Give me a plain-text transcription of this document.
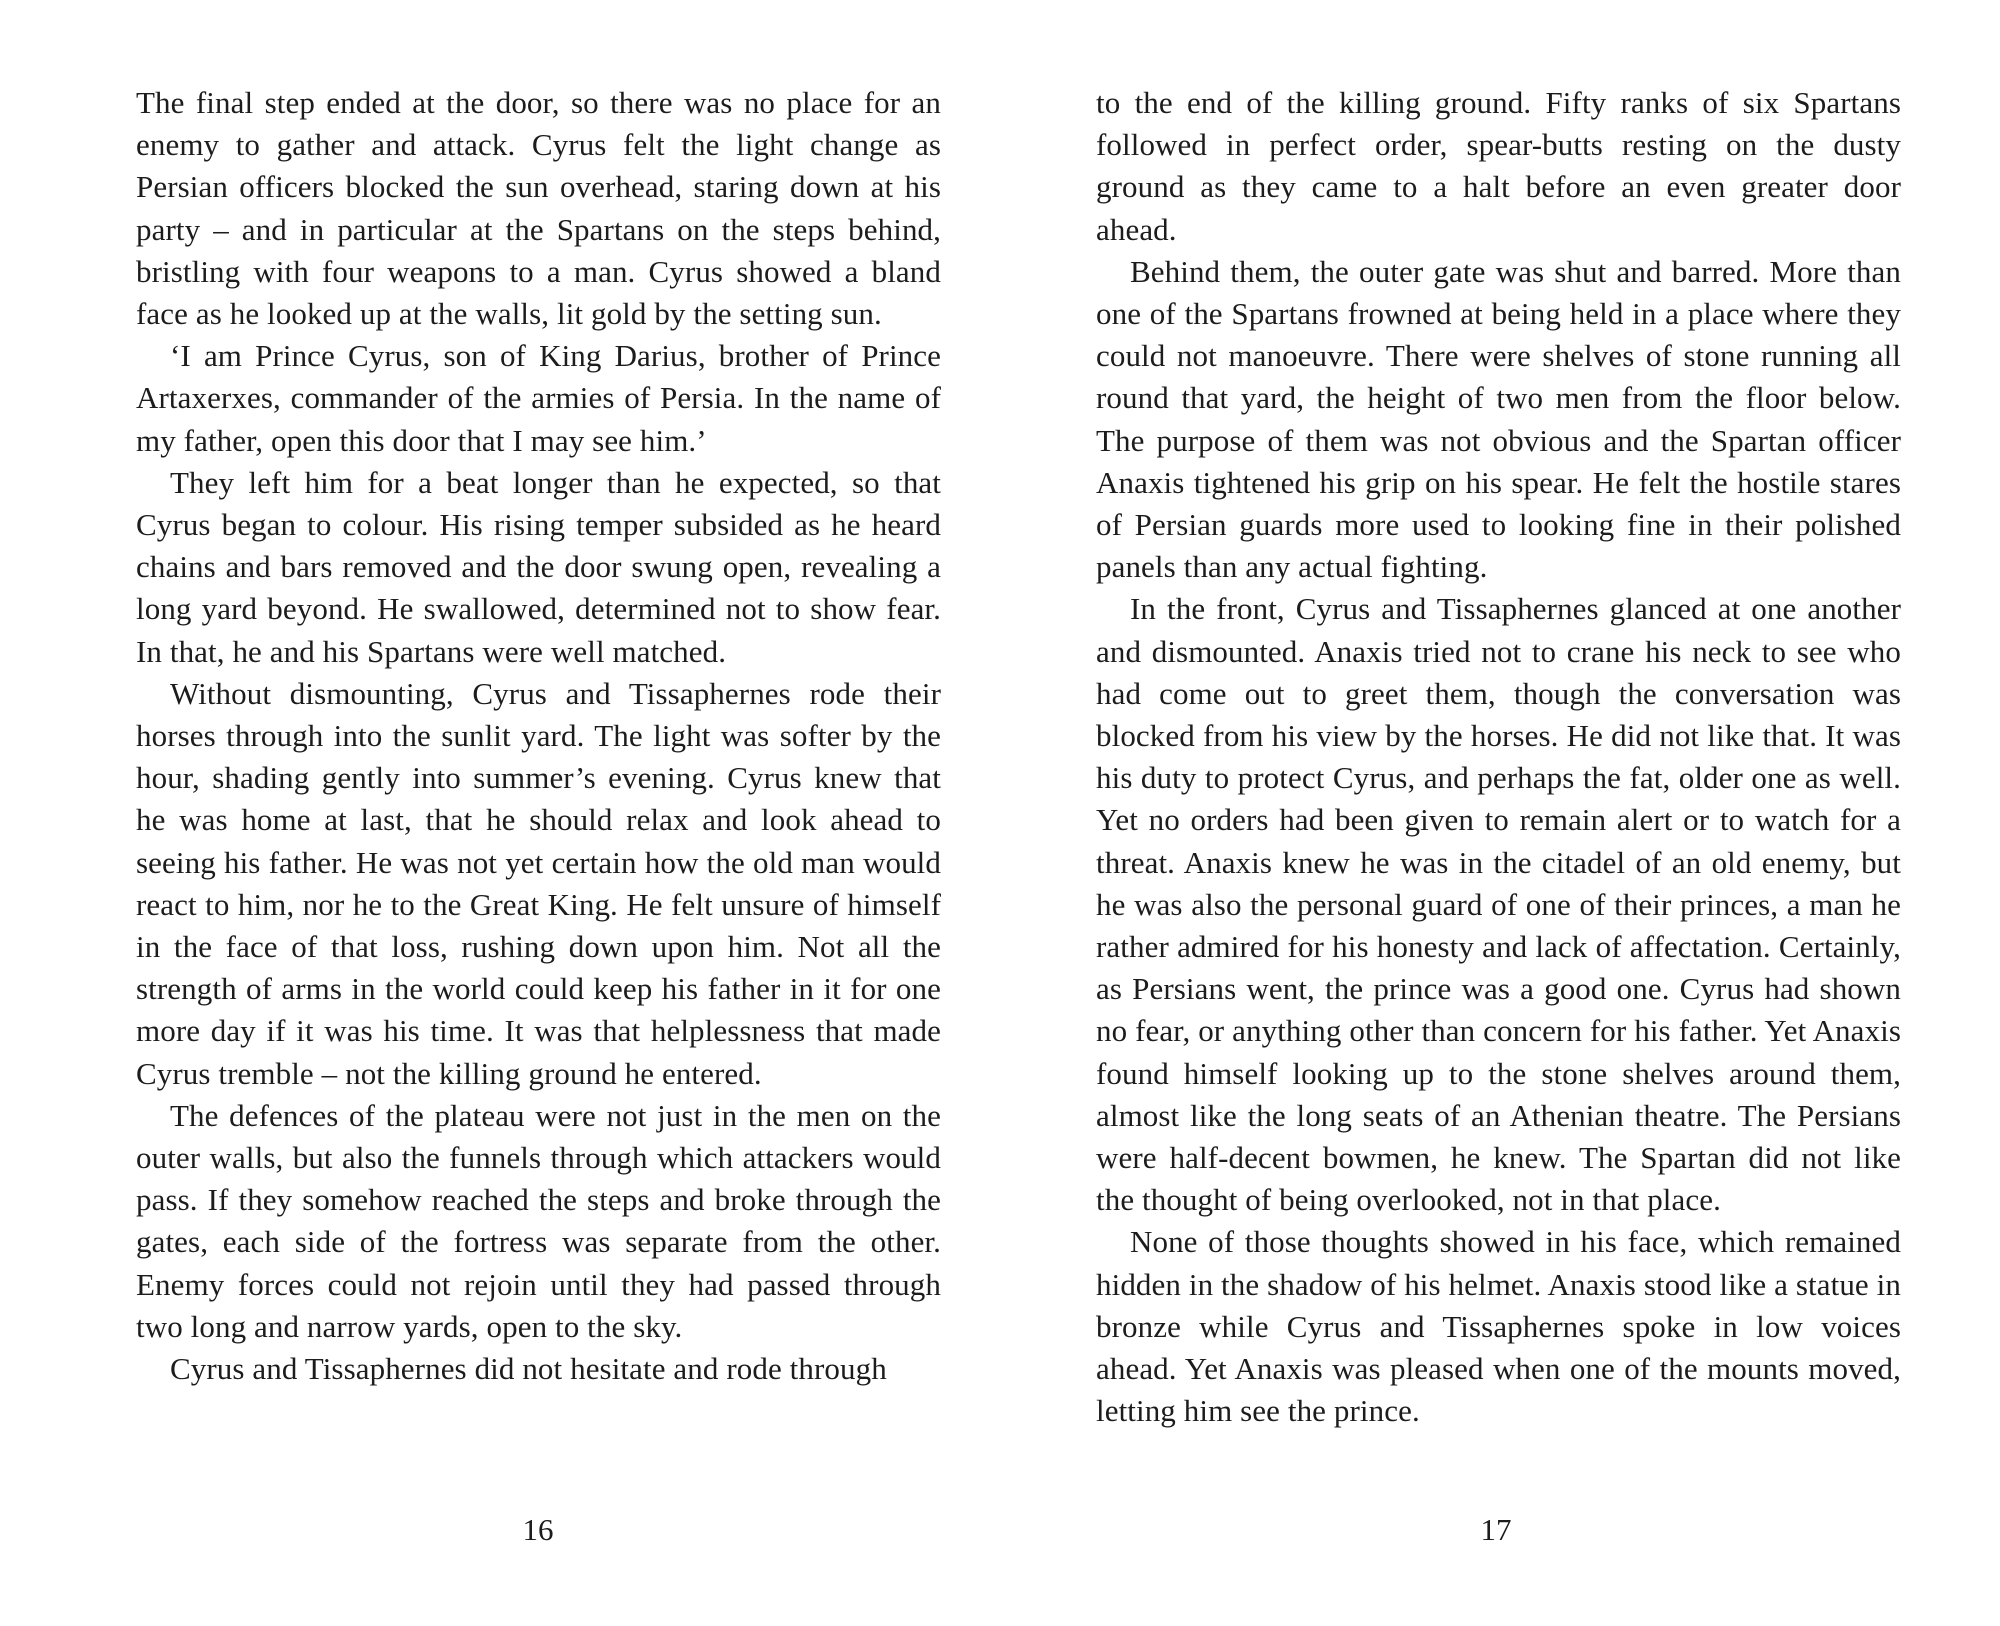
The final step ended at the door, so there was no place for an enemy to gather and attack. Cyrus felt the light change as Persian officers blocked the sun overhead, staring down at his party – and in particular at the Spartans on the steps behind, bristling with four weapons to a man. Cyrus showed a bland face as he looked up at the walls, lit gold by the setting sun.

‘I am Prince Cyrus, son of King Darius, brother of Prince Artaxerxes, commander of the armies of Persia. In the name of my father, open this door that I may see him.’

They left him for a beat longer than he expected, so that Cyrus began to colour. His rising temper subsided as he heard chains and bars removed and the door swung open, revealing a long yard beyond. He swallowed, determined not to show fear. In that, he and his Spartans were well matched.

Without dismounting, Cyrus and Tissaphernes rode their horses through into the sunlit yard. The light was softer by the hour, shading gently into summer’s evening. Cyrus knew that he was home at last, that he should relax and look ahead to seeing his father. He was not yet certain how the old man would react to him, nor he to the Great King. He felt unsure of himself in the face of that loss, rushing down upon him. Not all the strength of arms in the world could keep his father in it for one more day if it was his time. It was that helplessness that made Cyrus tremble – not the killing ground he entered.

The defences of the plateau were not just in the men on the outer walls, but also the funnels through which attackers would pass. If they somehow reached the steps and broke through the gates, each side of the fortress was separate from the other. Enemy forces could not rejoin until they had passed through two long and narrow yards, open to the sky.

Cyrus and Tissaphernes did not hesitate and rode through

to the end of the killing ground. Fifty ranks of six Spartans followed in perfect order, spear-butts resting on the dusty ground as they came to a halt before an even greater door ahead.

Behind them, the outer gate was shut and barred. More than one of the Spartans frowned at being held in a place where they could not manoeuvre. There were shelves of stone running all round that yard, the height of two men from the floor below. The purpose of them was not obvious and the Spartan officer Anaxis tightened his grip on his spear. He felt the hostile stares of Persian guards more used to looking fine in their polished panels than any actual fighting.

In the front, Cyrus and Tissaphernes glanced at one another and dismounted. Anaxis tried not to crane his neck to see who had come out to greet them, though the conversation was blocked from his view by the horses. He did not like that. It was his duty to protect Cyrus, and perhaps the fat, older one as well. Yet no orders had been given to remain alert or to watch for a threat. Anaxis knew he was in the citadel of an old enemy, but he was also the personal guard of one of their princes, a man he rather admired for his honesty and lack of affectation. Certainly, as Persians went, the prince was a good one. Cyrus had shown no fear, or anything other than concern for his father. Yet Anaxis found himself looking up to the stone shelves around them, almost like the long seats of an Athenian theatre. The Persians were half-decent bowmen, he knew. The Spartan did not like the thought of being overlooked, not in that place.

None of those thoughts showed in his face, which remained hidden in the shadow of his helmet. Anaxis stood like a statue in bronze while Cyrus and Tissaphernes spoke in low voices ahead. Yet Anaxis was pleased when one of the mounts moved, letting him see the prince.

16	17
